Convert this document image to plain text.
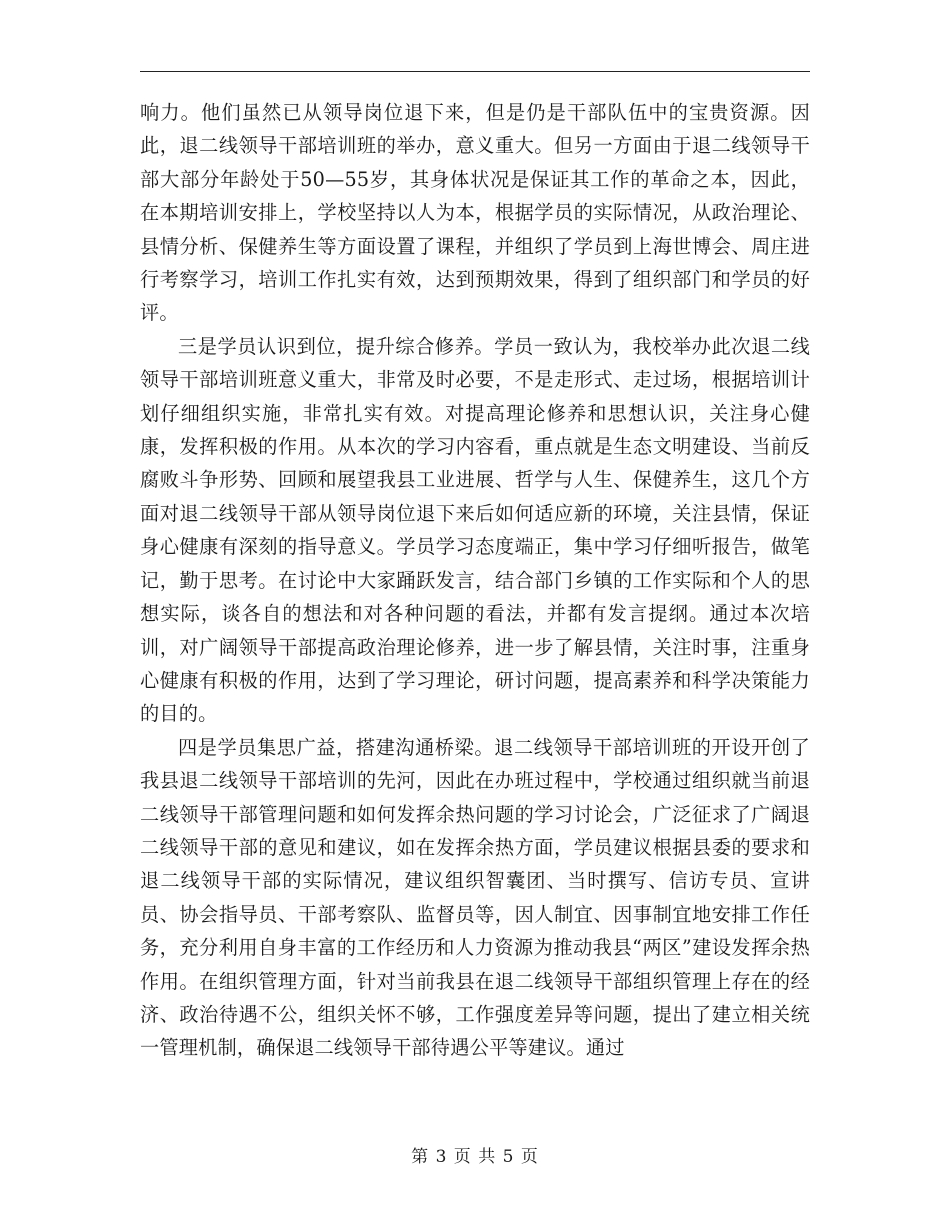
响力。他们虽然已从领导岗位退下来，但是仍是干部队伍中的宝贵资源。因此，退二线领导干部培训班的举办，意义重大。但另一方面由于退二线领导干部大部分年龄处于50—55岁，其身体状况是保证其工作的革命之本，因此，在本期培训安排上，学校坚持以人为本，根据学员的实际情况，从政治理论、县情分析、保健养生等方面设置了课程，并组织了学员到上海世博会、周庄进行考察学习，培训工作扎实有效，达到预期效果，得到了组织部门和学员的好评。

三是学员认识到位，提升综合修养。学员一致认为，我校举办此次退二线领导干部培训班意义重大，非常及时必要，不是走形式、走过场，根据培训计划仔细组织实施，非常扎实有效。对提高理论修养和思想认识，关注身心健康，发挥积极的作用。从本次的学习内容看，重点就是生态文明建设、当前反腐败斗争形势、回顾和展望我县工业进展、哲学与人生、保健养生，这几个方面对退二线领导干部从领导岗位退下来后如何适应新的环境，关注县情，保证身心健康有深刻的指导意义。学员学习态度端正，集中学习仔细听报告，做笔记，勤于思考。在讨论中大家踊跃发言，结合部门乡镇的工作实际和个人的思想实际，谈各自的想法和对各种问题的看法，并都有发言提纲。通过本次培训，对广阔领导干部提高政治理论修养，进一步了解县情，关注时事，注重身心健康有积极的作用，达到了学习理论，研讨问题，提高素养和科学决策能力的目的。

四是学员集思广益，搭建沟通桥梁。退二线领导干部培训班的开设开创了我县退二线领导干部培训的先河，因此在办班过程中，学校通过组织就当前退二线领导干部管理问题和如何发挥余热问题的学习讨论会，广泛征求了广阔退二线领导干部的意见和建议，如在发挥余热方面，学员建议根据县委的要求和退二线领导干部的实际情况，建议组织智囊团、当时撰写、信访专员、宣讲员、协会指导员、干部考察队、监督员等，因人制宜、因事制宜地安排工作任务，充分利用自身丰富的工作经历和人力资源为推动我县“两区”建设发挥余热作用。在组织管理方面，针对当前我县在退二线领导干部组织管理上存在的经济、政治待遇不公，组织关怀不够，工作强度差异等问题，提出了建立相关统一管理机制，确保退二线领导干部待遇公平等建议。通过

第 3 页 共 5 页
